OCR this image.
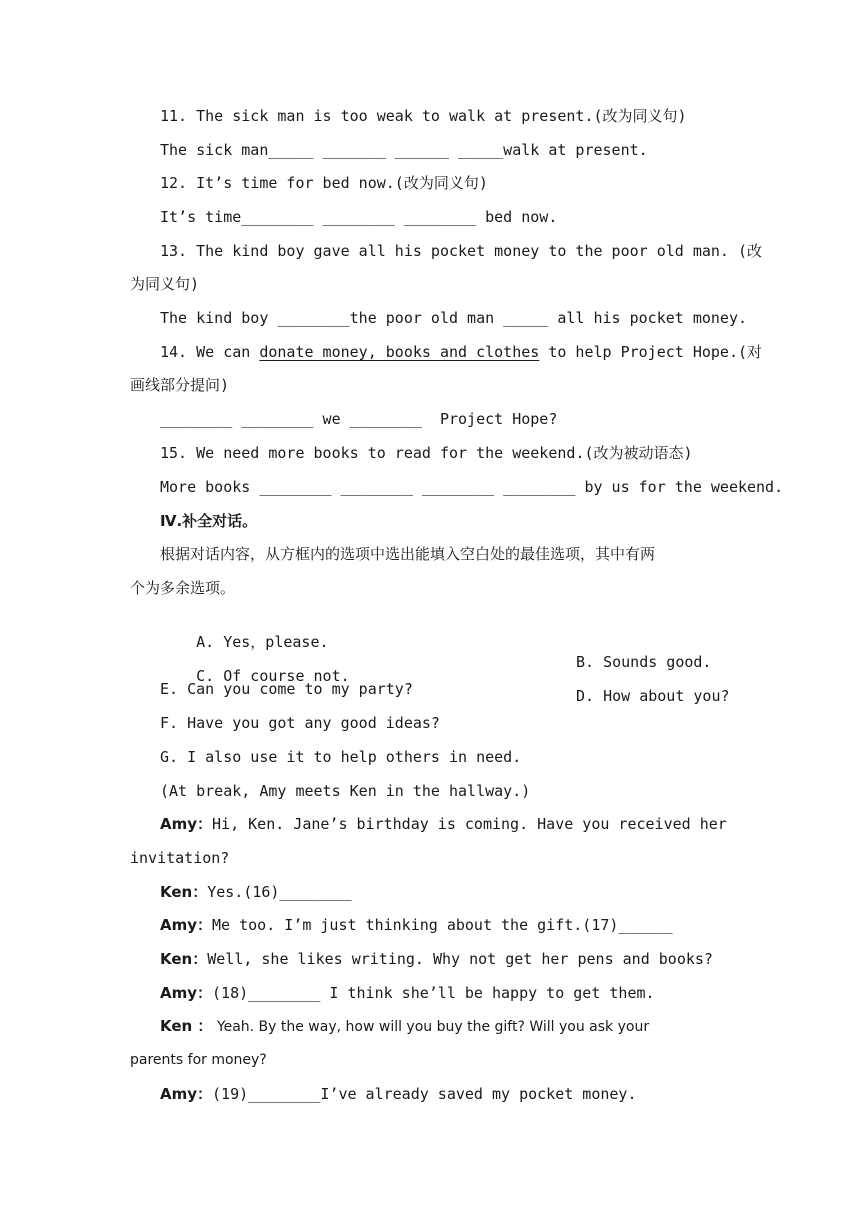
11. The sick man is too weak to walk at present.(改为同义句)
The sick man_____ _______ ______ _____walk at present.
12. It’s time for bed now.(改为同义句)
It’s time________ ________ ________ bed now.
13. The kind boy gave all his pocket money to the poor old man. (改
为同义句)
The kind boy ________the poor old man _____ all his pocket money.
14. We can donate money, books and clothes to help Project Hope.(对
画线部分提问)
________ ________ we ________  Project Hope?
15. We need more books to read for the weekend.(改为被动语态)
More books ________ ________ ________ ________ by us for the weekend.
Ⅳ.补全对话。
根据对话内容，从方框内的选项中选出能填入空白处的最佳选项，其中有两
个为多余选项。

A. Yes，please.

B. Sounds good.

C. Of course not.

D. How about you?

E. Can you come to my party?
F. Have you got any good ideas?
G. I also use it to help others in need.
(At break, Amy meets Ken in the hallway.)
Amy：Hi, Ken. Jane’s birthday is coming. Have you received her
invitation?
Ken：Yes.(16)________
Amy：Me too. I’m just thinking about the gift.(17)______
Ken：Well, she likes writing. Why not get her pens and books?
Amy：(18)________ I think she’ll be happy to get them.
Ken ： Yeah. By the way, how will you buy the gift? Will you ask your
parents for money?
Amy：(19)________I’ve already saved my pocket money.
